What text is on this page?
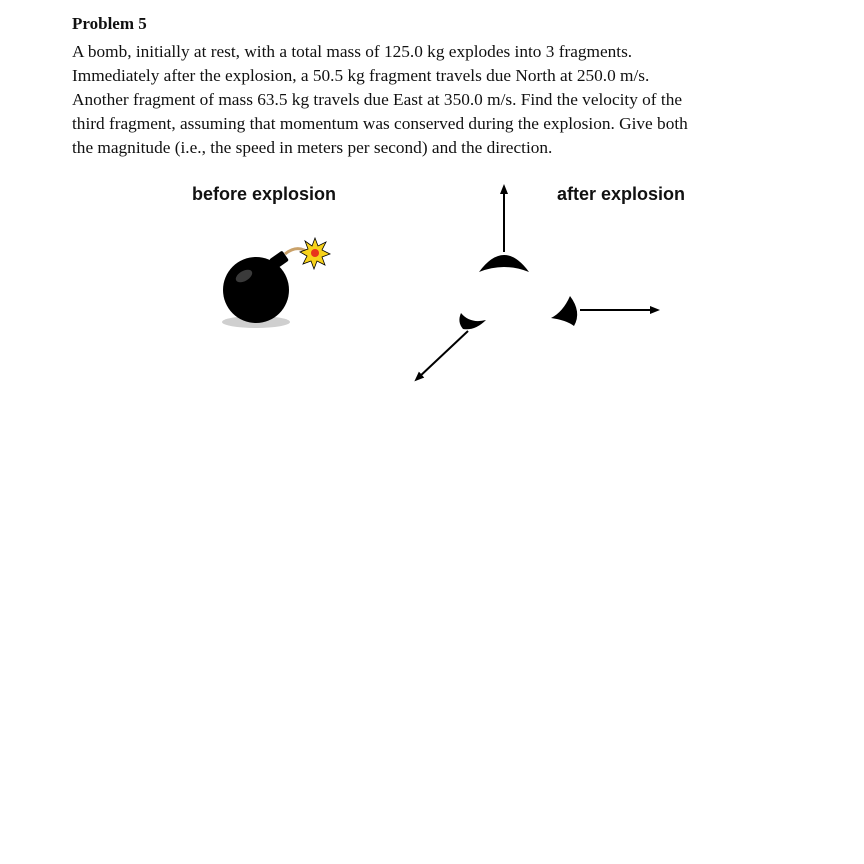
Problem 5

A bomb, initially at rest, with a total mass of 125.0 kg explodes into 3 fragments.
Immediately after the explosion, a 50.5 kg fragment travels due North at 250.0 m/s.
Another fragment of mass 63.5 kg travels due East at 350.0 m/s. Find the velocity of the
third fragment, assuming that momentum was conserved during the explosion. Give both
the magnitude (i.e., the speed in meters per second) and the direction.

before explosion	after explosion
